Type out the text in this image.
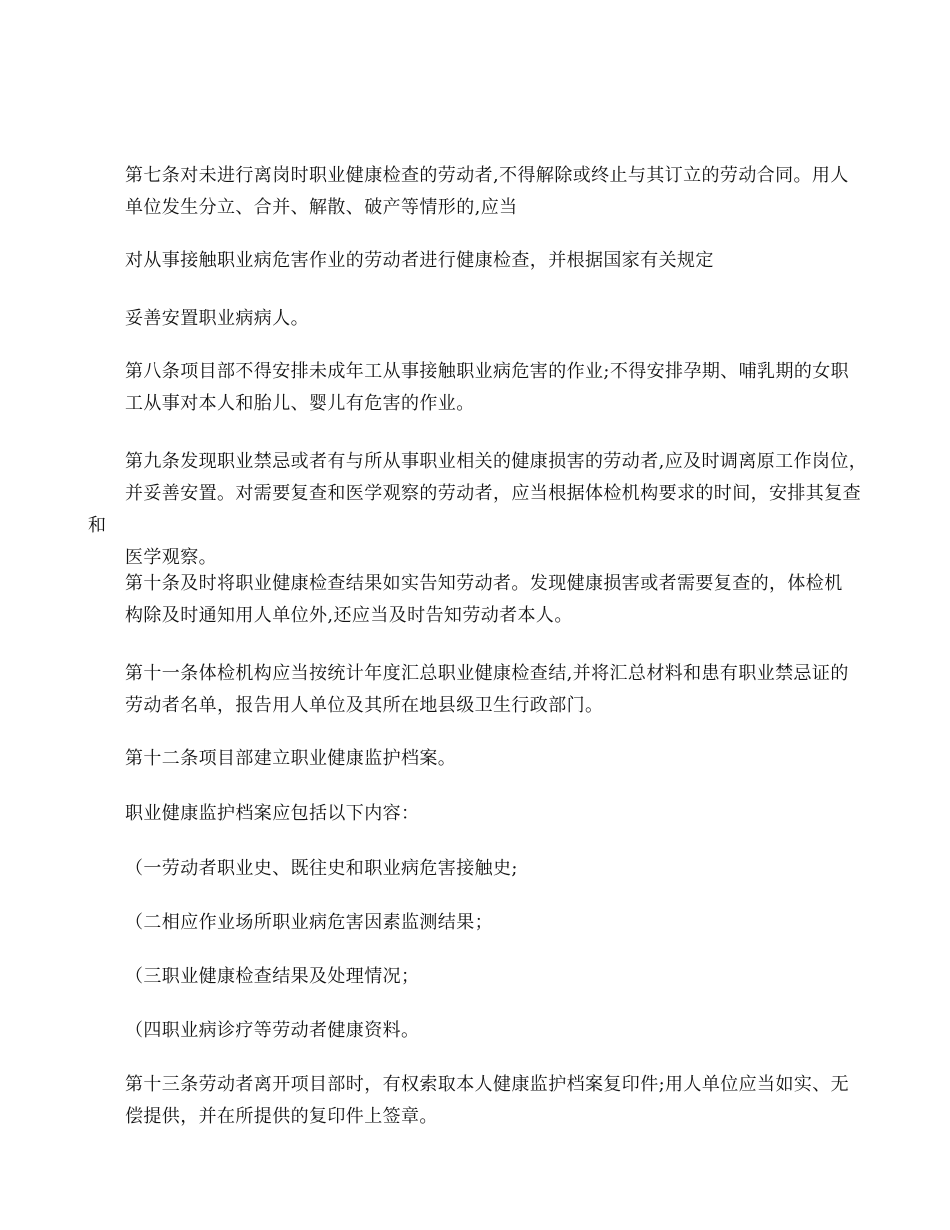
第七条对未进行离岗时职业健康检查的劳动者,不得解除或终止与其订立的劳动合同。用人
单位发生分立、合并、解散、破产等情形的,应当

对从事接触职业病危害作业的劳动者进行健康检查，并根据国家有关规定

妥善安置职业病病人。

第八条项目部不得安排未成年工从事接触职业病危害的作业;不得安排孕期、哺乳期的女职
工从事对本人和胎儿、婴儿有危害的作业。

第九条发现职业禁忌或者有与所从事职业相关的健康损害的劳动者,应及时调离原工作岗位，
并妥善安置。对需要复查和医学观察的劳动者，应当根据体检机构要求的时间，安排其复查和
医学观察。

第十条及时将职业健康检查结果如实告知劳动者。发现健康损害或者需要复查的，体检机
构除及时通知用人单位外,还应当及时告知劳动者本人。

第十一条体检机构应当按统计年度汇总职业健康检查结,并将汇总材料和患有职业禁忌证的
劳动者名单，报告用人单位及其所在地县级卫生行政部门。

第十二条项目部建立职业健康监护档案。

职业健康监护档案应包括以下内容：

（一劳动者职业史、既往史和职业病危害接触史;

（二相应作业场所职业病危害因素监测结果；

（三职业健康检查结果及处理情况；

（四职业病诊疗等劳动者健康资料。

第十三条劳动者离开项目部时，有权索取本人健康监护档案复印件;用人单位应当如实、无
偿提供，并在所提供的复印件上签章。
